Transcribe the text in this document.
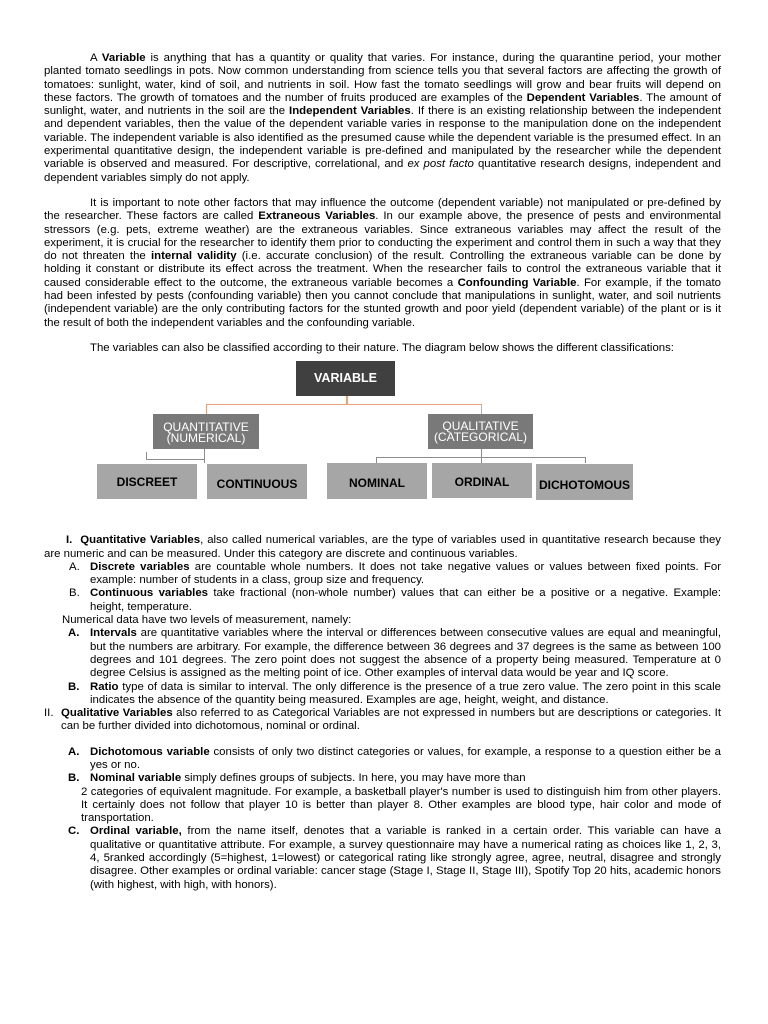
A Variable is anything that has a quantity or quality that varies. For instance, during the quarantine period, your mother planted tomato seedlings in pots. Now common understanding from science tells you that several factors are affecting the growth of tomatoes: sunlight, water, kind of soil, and nutrients in soil. How fast the tomato seedlings will grow and bear fruits will depend on these factors. The growth of tomatoes and the number of fruits produced are examples of the Dependent Variables. The amount of sunlight, water, and nutrients in the soil are the Independent Variables. If there is an existing relationship between the independent and dependent variables, then the value of the dependent variable varies in response to the manipulation done on the independent variable. The independent variable is also identified as the presumed cause while the dependent variable is the presumed effect. In an experimental quantitative design, the independent variable is pre-defined and manipulated by the researcher while the dependent variable is observed and measured. For descriptive, correlational, and ex post facto quantitative research designs, independent and dependent variables simply do not apply.

It is important to note other factors that may influence the outcome (dependent variable) not manipulated or pre-defined by the researcher. These factors are called Extraneous Variables. In our example above, the presence of pests and environmental stressors (e.g. pets, extreme weather) are the extraneous variables. Since extraneous variables may affect the result of the experiment, it is crucial for the researcher to identify them prior to conducting the experiment and control them in such a way that they do not threaten the internal validity (i.e. accurate conclusion) of the result. Controlling the extraneous variable can be done by holding it constant or distribute its effect across the treatment. When the researcher fails to control the extraneous variable that it caused considerable effect to the outcome, the extraneous variable becomes a Confounding Variable. For example, if the tomato had been infested by pests (confounding variable) then you cannot conclude that manipulations in sunlight, water, and soil nutrients (independent variable) are the only contributing factors for the stunted growth and poor yield (dependent variable) of the plant or is it the result of both the independent variables and the confounding variable.

The variables can also be classified according to their nature. The diagram below shows the different classifications:

VARIABLE
QUANTITATIVE (NUMERICAL)
QUALITATIVE (CATEGORICAL)
DISCREET	CONTINUOUS	NOMINAL	ORDINAL	DICHOTOMOUS

I. Quantitative Variables, also called numerical variables, are the type of variables used in quantitative research because they are numeric and can be measured. Under this category are discrete and continuous variables.

A. Discrete variables are countable whole numbers. It does not take negative values or values between fixed points. For example: number of students in a class, group size and frequency.
B. Continuous variables take fractional (non-whole number) values that can either be a positive or a negative. Example: height, temperature.

Numerical data have two levels of measurement, namely:

A. Intervals are quantitative variables where the interval or differences between consecutive values are equal and meaningful, but the numbers are arbitrary. For example, the difference between 36 degrees and 37 degrees is the same as between 100 degrees and 101 degrees. The zero point does not suggest the absence of a property being measured. Temperature at 0 degree Celsius is assigned as the melting point of ice. Other examples of interval data would be year and IQ score.
B. Ratio type of data is similar to interval. The only difference is the presence of a true zero value. The zero point in this scale indicates the absence of the quantity being measured. Examples are age, height, weight, and distance.
II. Qualitative Variables also referred to as Categorical Variables are not expressed in numbers but are descriptions or categories. It can be further divided into dichotomous, nominal or ordinal.
A. Dichotomous variable consists of only two distinct categories or values, for example, a response to a question either be a yes or no.
B. Nominal variable simply defines groups of subjects. In here, you may have more than

2 categories of equivalent magnitude. For example, a basketball player's number is used to distinguish him from other players. It certainly does not follow that player 10 is better than player 8. Other examples are blood type, hair color and mode of transportation.

C. Ordinal variable, from the name itself, denotes that a variable is ranked in a certain order. This variable can have a qualitative or quantitative attribute. For example, a survey questionnaire may have a numerical rating as choices like 1, 2, 3, 4, 5ranked accordingly (5=highest, 1=lowest) or categorical rating like strongly agree, agree, neutral, disagree and strongly disagree. Other examples or ordinal variable: cancer stage (Stage I, Stage II, Stage III), Spotify Top 20 hits, academic honors (with highest, with high, with honors).
